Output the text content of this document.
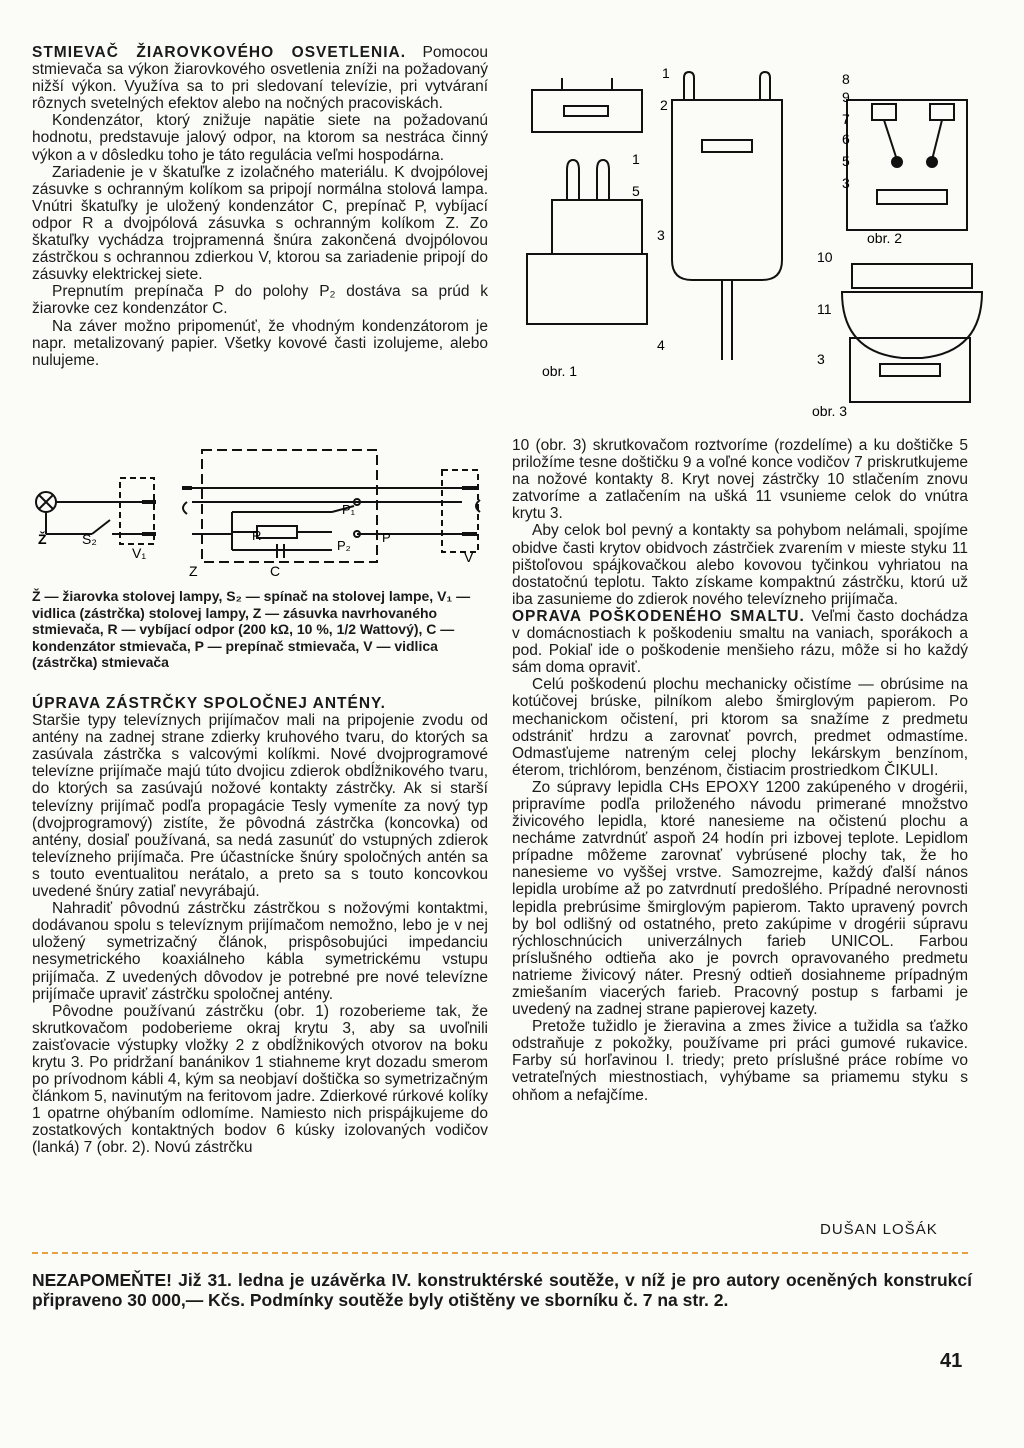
STMIEVAČ ŽIAROVKOVÉHO OSVETLENIA. Pomocou stmievača sa výkon žiarovkového osvetlenia zníži na požadovaný nižší výkon. Využíva sa to pri sledovaní televízie, pri vytváraní rôznych svetelných efektov alebo na nočných pracoviskách.

Kondenzátor, ktorý znižuje napätie siete na požadovanú hodnotu, predstavuje jalový odpor, na ktorom sa nestráca činný výkon a v dôsledku toho je táto regulácia veľmi hospodárna.

Zariadenie je v škatuľke z izolačného materiálu. K dvojpólovej zásuvke s ochranným kolíkom sa pripojí normálna stolová lampa. Vnútri škatuľky je uložený kondenzátor C, prepínač P, vybíjací odpor R a dvojpólová zásuvka s ochranným kolíkom Z. Zo škatuľky vychádza trojpramenná šnúra zakončená dvojpólovou zástrčkou s ochrannou zdierkou V, ktorou sa zariadenie pripojí do zásuvky elektrickej siete.

Prepnutím prepínača P do polohy P₂ dostáva sa prúd k žiarovke cez kondenzátor C.

Na záver možno pripomenúť, že vhodným kondenzátorom je napr. metalizovaný papier. Všetky kovové časti izolujeme, alebo nulujeme.

Ž	S₂
V₁
Z	C
R
P₁
P₂
P
V
Ž — žiarovka stolovej lampy, S₂ — spínač na stolovej lampe, V₁ — vidlica (zástrčka) stolovej lampy, Z — zásuvka navrhovaného stmievača, R — vybíjací odpor (200 kΩ, 10 %, 1/2 Wattový), C — kondenzátor stmievača, P — prepínač stmievača, V — vidlica (zástrčka) stmievača

ÚPRAVA ZÁSTRČKY SPOLOČNEJ ANTÉNY.

Staršie typy televíznych prijímačov mali na pripojenie zvodu od antény na zadnej strane zdierky kruhového tvaru, do ktorých sa zasúvala zástrčka s valcovými kolíkmi. Nové dvojprogramové televízne prijímače majú túto dvojicu zdierok obdĺžnikového tvaru, do ktorých sa zasúvajú nožové kontakty zástrčky. Ak si starší televízny prijímač podľa propagácie Tesly vymeníte za nový typ (dvojprogramový) zistíte, že pôvodná zástrčka (koncovka) od antény, dosiaľ používaná, sa nedá zasunúť do vstupných zdierok televízneho prijímača. Pre účastnícke šnúry spoločných antén sa s touto eventualitou nerátalo, a preto sa s touto koncovkou uvedené šnúry zatiaľ nevyrábajú.

Nahradiť pôvodnú zástrčku zástrčkou s nožovými kontaktmi, dodávanou spolu s televíznym prijímačom nemožno, lebo je v nej uložený symetrizačný článok, prispôsobujúci impedanciu nesymetrického koaxiálneho kábla symetrickému vstupu prijímača. Z uvedených dôvodov je potrebné pre nové televízne prijímače upraviť zástrčku spoločnej antény.

Pôvodne používanú zástrčku (obr. 1) rozoberieme tak, že skrutkovačom podoberieme okraj krytu 3, aby sa uvoľnili zaisťovacie výstupky vložky 2 z obdĺžnikových otvorov na boku krytu 3. Po pridržaní banánikov 1 stiahneme kryt dozadu smerom po prívodnom kábli 4, kým sa neobjaví doštička so symetrizačným článkom 5, navinutým na feritovom jadre. Zdierkové rúrkové kolíky 1 opatrne ohýbaním odlomíme. Namiesto nich prispájkujeme do zostatkových kontaktných bodov 6 kúsky izolovaných vodičov (lanká) 7 (obr. 2). Novú zástrčku

1
2
1
5
3
4
obr. 1
8
9
7
6
5
3
obr. 2
10
11
3
obr. 3

10 (obr. 3) skrutkovačom roztvoríme (rozdelíme) a ku doštičke 5 priložíme tesne doštičku 9 a voľné konce vodičov 7 priskrutkujeme na nožové kontakty 8. Kryt novej zástrčky 10 stlačením znovu zatvoríme a zatlačením na ušká 11 vsunieme celok do vnútra krytu 3.

Aby celok bol pevný a kontakty sa pohybom nelámali, spojíme obidve časti krytov obidvoch zástrčiek zvarením v mieste styku 11 pištoľovou spájkovačkou alebo kovovou tyčinkou vyhriatou na dostatočnú teplotu. Takto získame kompaktnú zástrčku, ktorú už iba zasunieme do zdierok nového televízneho prijímača.

OPRAVA POŠKODENÉHO SMALTU. Veľmi často dochádza v domácnostiach k poškodeniu smaltu na vaniach, sporákoch a pod. Pokiaľ ide o poškodenie menšieho rázu, môže si ho každý sám doma opraviť.

Celú poškodenú plochu mechanicky očistíme — obrúsime na kotúčovej brúske, pilníkom alebo šmirglovým papierom. Po mechanickom očistení, pri ktorom sa snažíme z predmetu odstrániť hrdzu a zarovnať povrch, predmet odmastíme. Odmasťujeme natreným celej plochy lekárskym benzínom, éterom, trichlórom, benzénom, čistiacim prostriedkom ČIKULI.

Zo súpravy lepidla CHs EPOXY 1200 zakúpeného v drogérii, pripravíme podľa priloženého návodu primerané množstvo živicového lepidla, ktoré nanesieme na očistenú plochu a necháme zatvrdnúť aspoň 24 hodín pri izbovej teplote. Lepidlom prípadne môžeme zarovnať vybrúsené plochy tak, že ho nanesieme vo vyššej vrstve. Samozrejme, každý ďalší nános lepidla urobíme až po zatvrdnutí predošlého. Prípadné nerovnosti lepidla prebrúsime šmirglovým papierom. Takto upravený povrch by bol odlišný od ostatného, preto zakúpime v drogérii súpravu rýchloschnúcich univerzálnych farieb UNICOL. Farbou príslušného odtieňa ako je povrch opravovaného predmetu natrieme živicový náter. Presný odtieň dosiahneme prípadným zmiešaním viacerých farieb. Pracovný postup s farbami je uvedený na zadnej strane papierovej kazety.

Pretože tužidlo je žieravina a zmes živice a tužidla sa ťažko odstraňuje z pokožky, používame pri práci gumové rukavice. Farby sú horľavinou I. triedy; preto príslušné práce robíme vo vetrateľných miestnostiach, vyhýbame sa priamemu styku s ohňom a nefajčíme.

DUŠAN LOŠÁK
NEZAPOMEŇTE! Již 31. ledna je uzávěrka IV. konstruktérské soutěže, v níž je pro autory oceněných konstrukcí připraveno 30 000,— Kčs. Podmínky soutěže byly otištěny ve sborníku č. 7 na str. 2.
41
